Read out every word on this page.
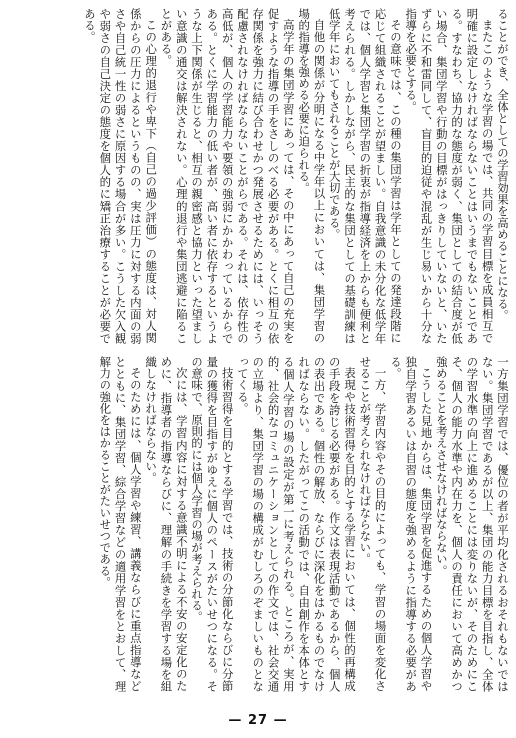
ることができ、全体としての学習効果を高めることになる。
またこのような学習の場では、共同の学習目標を成員相互で明確に設定しなければならないことはいうまでもないことである。すなわち、協力的な態度が弱く、集団としての結合度が低い場合、集団学習や行動の目標がはっきりしていないと、いたずらに不和雷同して、盲目的迫従や混乱が生じ易いから十分な指導を必要とする。
その意味では、この種の集団学習は学年としての発達段階に応じて組織されることが望ましい。自我意識の未分化な低学年では、個人学習と集団学習の折衷が指導経済を上からも便利と考えられる。しかしながら、民主的な集団としての基礎訓練は低学年においてもされることが大切である。
自他の関係が分明になる中学年以上においては、集団学習の場的指導を強める必要に迫られる。
高学年の集団学習にあっては、その中にあって自己の充実を促すような指導の手をさしのべる必要がある。とくに相互の依存関係を強力に結び合わせかつ発展させるためには、いっそう配慮されなければならないことがらである。それは、依存性の高低が、個人の学習能力や要領の強弱にかかわっているからである。とくに学習能力の低い者が、高い者に依存するというような上下関係が生じると、相互の親密感と協力といった望ましい意識の通交は解決されない。心理的退行や集団逃避に陥ることがある。
この心理的退行や卑下（自己の過少評価）の態度は、対人関係からの圧力によるというものの、実は圧力に対する内面の弱さや自己統一性の弱さに原因する場合が多い。こうした欠入観や弱さの自己決定の態度を個人的に矯正治療することが必要である。
一方集団学習では、優位の者が平均化されるおそれもないではない。集団学習であるが以上、集団の能力目標を目指し、全体の学習水準の向上に進めることには変りないが、そのためにこそ、個人の能力水準や内在力を、個人の責任において高めかつ強めることを考えさせなければならない。
こうした見地からは、集団学習を促進するための個人学習や独自学習あるいは自習の態度を強めるように指導する必要がある。
一方、学習内容やその目的によっても、学習の場面を変化させることが考えられなければならない。
表現や技術習得を目的とする学習においては、個性的再構成の手段を誇じる必要がある。作文は表現活動であるから、個人の表出である。個性の解放、ならびに深化をはかるものでなければならない。したがってこの活動では、自由創作を本体とする個人学習の場の設定が第一に考えられる。ところが、実用的、社会的なコミュニケーションとしての作文では、社会交通の立場より、集団学習の場の構成がむしろのぞましいものとなってくる。
技術習得を目的とする学習では、技術の分節化ならびに分節量の獲得を目指すがゆえに個人のペースがたいせつになる。その意味で、原則的には個人学習の場が考えられる。
次には、学習内容に対する意識不明による不安の安定化のために、指導者の指導ならびに、理解の手続きを学習する場を組織しなければならない。
そのためには、個人学習や練習、講義ならびに重点指導などとともに、集団学習、綜合学習などの適用学習をとおして、理解力の強化をはかることがたいせつである。
— 27 —
